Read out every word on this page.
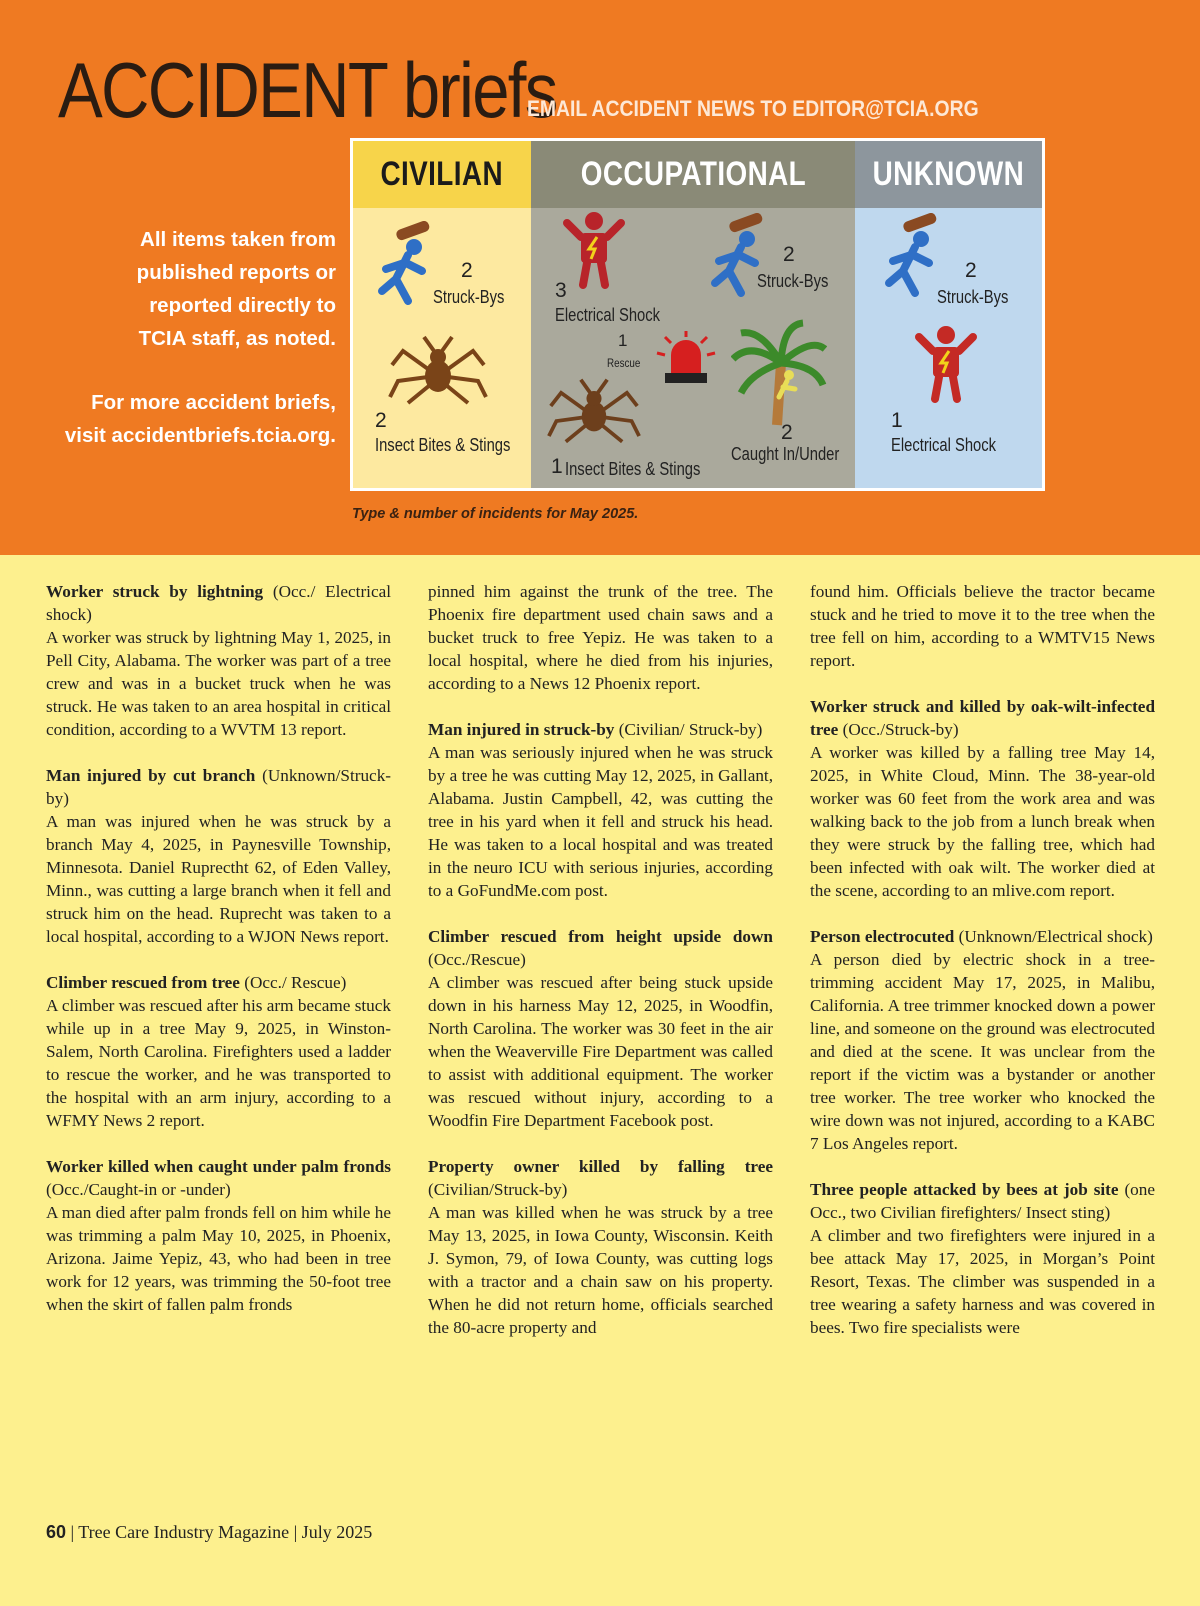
ACCIDENT briefs
EMAIL ACCIDENT NEWS TO EDITOR@TCIA.ORG
All items taken from
published reports or
reported directly to
TCIA staff, as noted.
For more accident briefs,
visit accidentbriefs.tcia.org.
CIVILIAN
2
Struck-Bys
2
Insect Bites & Stings
OCCUPATIONAL
3
Electrical Shock
2
Struck-Bys
1
Rescue
1 Insect Bites & Stings
2
Caught In/Under
UNKNOWN
2
Struck-Bys
1
Electrical Shock
Type & number of incidents for May 2025.

Worker struck by lightning (Occ./ Electrical shock)

A worker was struck by lightning May 1, 2025, in Pell City, Alabama. The worker was part of a tree crew and was in a bucket truck when he was struck. He was taken to an area hospital in critical condition, according to a WVTM 13 report.

Man injured by cut branch (Unknown/Struck-by)

A man was injured when he was struck by a branch May 4, 2025, in Paynesville Township, Minnesota. Daniel Ruprectht 62, of Eden Valley, Minn., was cutting a large branch when it fell and struck him on the head. Ruprecht was taken to a local hospital, according to a WJON News report.

Climber rescued from tree (Occ./ Rescue)

A climber was rescued after his arm became stuck while up in a tree May 9, 2025, in Winston-Salem, North Carolina. Firefighters used a ladder to rescue the worker, and he was transported to the hospital with an arm injury, according to a WFMY News 2 report.

Worker killed when caught under palm fronds (Occ./Caught-in or -under)

A man died after palm fronds fell on him while he was trimming a palm May 10, 2025, in Phoenix, Arizona. Jaime Yepiz, 43, who had been in tree work for 12 years, was trimming the 50-foot tree when the skirt of fallen palm fronds

pinned him against the trunk of the tree. The Phoenix fire department used chain saws and a bucket truck to free Yepiz. He was taken to a local hospital, where he died from his injuries, according to a News 12 Phoenix report.

Man injured in struck-by (Civilian/ Struck-by)

A man was seriously injured when he was struck by a tree he was cutting May 12, 2025, in Gallant, Alabama. Justin Campbell, 42, was cutting the tree in his yard when it fell and struck his head. He was taken to a local hospital and was treated in the neuro ICU with serious injuries, according to a GoFundMe.com post.

Climber rescued from height upside down (Occ./Rescue)

A climber was rescued after being stuck upside down in his harness May 12, 2025, in Woodfin, North Carolina. The worker was 30 feet in the air when the Weaverville Fire Department was called to assist with additional equipment. The worker was rescued without injury, according to a Woodfin Fire Department Facebook post.

Property owner killed by falling tree (Civilian/Struck-by)

A man was killed when he was struck by a tree May 13, 2025, in Iowa County, Wisconsin. Keith J. Symon, 79, of Iowa County, was cutting logs with a tractor and a chain saw on his property. When he did not return home, officials searched the 80-acre property and

found him. Officials believe the tractor became stuck and he tried to move it to the tree when the tree fell on him, according to a WMTV15 News report.

Worker struck and killed by oak-wilt-infected tree (Occ./Struck-by)

A worker was killed by a falling tree May 14, 2025, in White Cloud, Minn. The 38-year-old worker was 60 feet from the work area and was walking back to the job from a lunch break when they were struck by the falling tree, which had been infected with oak wilt. The worker died at the scene, according to an mlive.com report.

Person electrocuted (Unknown/Electrical shock)

A person died by electric shock in a tree-trimming accident May 17, 2025, in Malibu, California. A tree trimmer knocked down a power line, and someone on the ground was electrocuted and died at the scene. It was unclear from the report if the victim was a bystander or another tree worker. The tree worker who knocked the wire down was not injured, according to a KABC 7 Los Angeles report.

Three people attacked by bees at job site (one Occ., two Civilian firefighters/ Insect sting)

A climber and two firefighters were injured in a bee attack May 17, 2025, in Morgan’s Point Resort, Texas. The climber was suspended in a tree wearing a safety harness and was covered in bees. Two fire specialists were

60 | Tree Care Industry Magazine | July 2025
